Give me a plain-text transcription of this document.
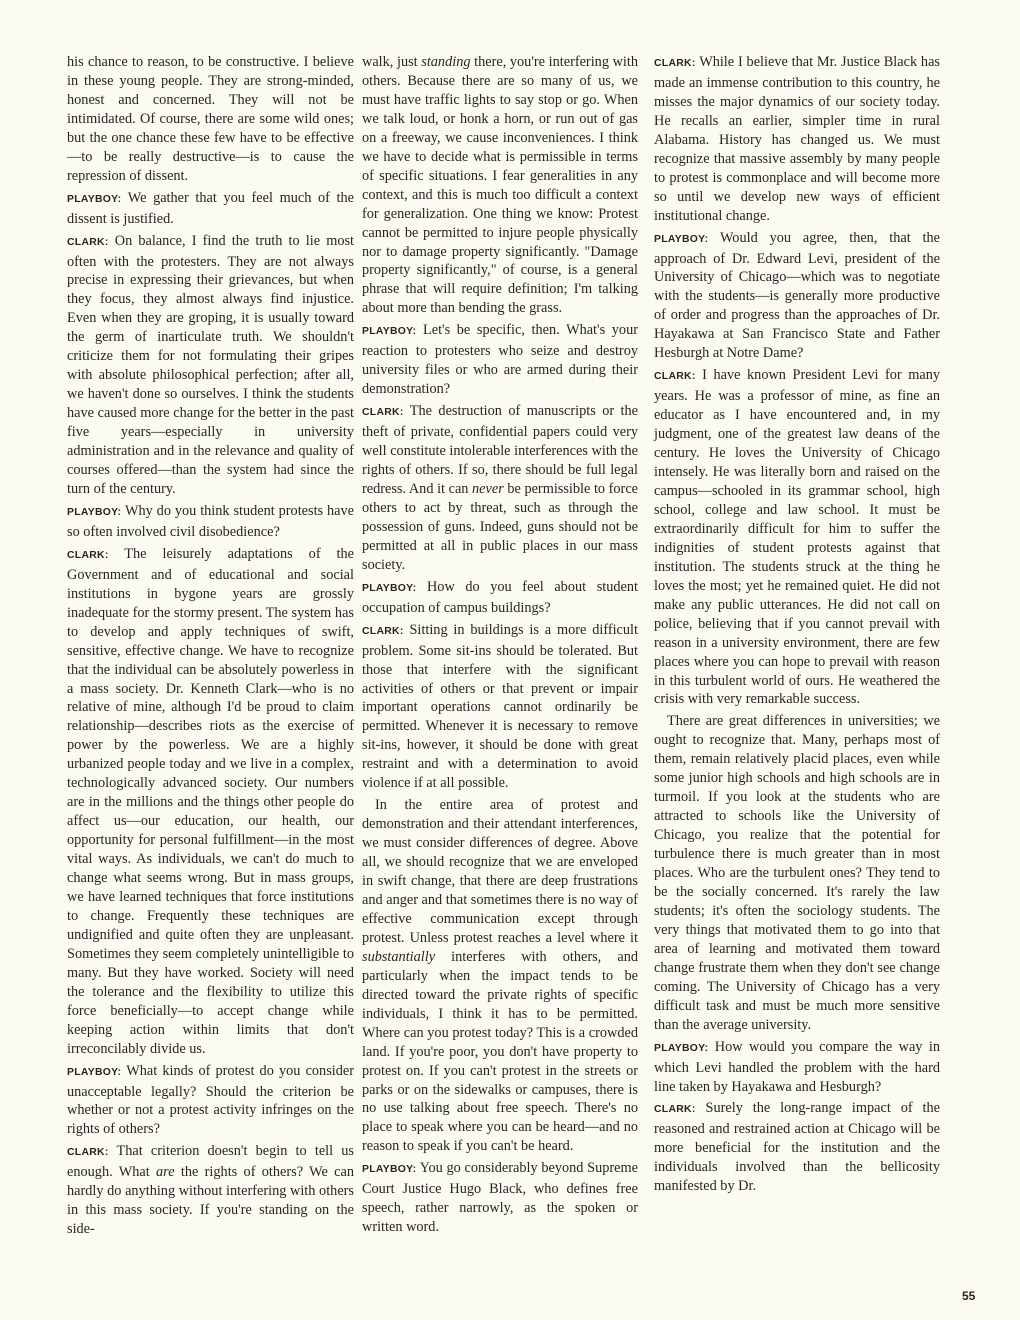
his chance to reason, to be constructive. I believe in these young people. They are strong-minded, honest and concerned. They will not be intimidated. Of course, there are some wild ones; but the one chance these few have to be effective —to be really destructive—is to cause the repression of dissent.

PLAYBOY: We gather that you feel much of the dissent is justified.

CLARK: On balance, I find the truth to lie most often with the protesters. They are not always precise in expressing their grievances, but when they focus, they almost always find injustice. Even when they are groping, it is usually toward the germ of inarticulate truth. We shouldn't criticize them for not formulating their gripes with absolute philosophical perfection; after all, we haven't done so ourselves. I think the students have caused more change for the better in the past five years—especially in university administration and in the relevance and quality of courses offered—than the system had since the turn of the century.

PLAYBOY: Why do you think student protests have so often involved civil disobedience?

CLARK: The leisurely adaptations of the Government and of educational and social institutions in bygone years are grossly inadequate for the stormy present. The system has to develop and apply techniques of swift, sensitive, effective change. We have to recognize that the individual can be absolutely powerless in a mass society. Dr. Kenneth Clark—who is no relative of mine, although I'd be proud to claim relationship—describes riots as the exercise of power by the powerless. We are a highly urbanized people today and we live in a complex, technologically advanced society. Our numbers are in the millions and the things other people do affect us—our education, our health, our opportunity for personal fulfillment—in the most vital ways. As individuals, we can't do much to change what seems wrong. But in mass groups, we have learned techniques that force institutions to change. Frequently these techniques are undignified and quite often they are unpleasant. Sometimes they seem completely unintelligible to many. But they have worked. Society will need the tolerance and the flexibility to utilize this force beneficially—to accept change while keeping action within limits that don't irreconcilably divide us.

PLAYBOY: What kinds of protest do you consider unacceptable legally? Should the criterion be whether or not a protest activity infringes on the rights of others?

CLARK: That criterion doesn't begin to tell us enough. What are the rights of others? We can hardly do anything without interfering with others in this mass society. If you're standing on the side-

walk, just standing there, you're interfering with others. Because there are so many of us, we must have traffic lights to say stop or go. When we talk loud, or honk a horn, or run out of gas on a freeway, we cause inconveniences. I think we have to decide what is permissible in terms of specific situations. I fear generalities in any context, and this is much too difficult a context for generalization. One thing we know: Protest cannot be permitted to injure people physically nor to damage property significantly. "Damage property significantly," of course, is a general phrase that will require definition; I'm talking about more than bending the grass.

PLAYBOY: Let's be specific, then. What's your reaction to protesters who seize and destroy university files or who are armed during their demonstration?

CLARK: The destruction of manuscripts or the theft of private, confidential papers could very well constitute intolerable interferences with the rights of others. If so, there should be full legal redress. And it can never be permissible to force others to act by threat, such as through the possession of guns. Indeed, guns should not be permitted at all in public places in our mass society.

PLAYBOY: How do you feel about student occupation of campus buildings?

CLARK: Sitting in buildings is a more difficult problem. Some sit-ins should be tolerated. But those that interfere with the significant activities of others or that prevent or impair important operations cannot ordinarily be permitted. Whenever it is necessary to remove sit-ins, however, it should be done with great restraint and with a determination to avoid violence if at all possible.

In the entire area of protest and demonstration and their attendant interferences, we must consider differences of degree. Above all, we should recognize that we are enveloped in swift change, that there are deep frustrations and anger and that sometimes there is no way of effective communication except through protest. Unless protest reaches a level where it substantially interferes with others, and particularly when the impact tends to be directed toward the private rights of specific individuals, I think it has to be permitted. Where can you protest today? This is a crowded land. If you're poor, you don't have property to protest on. If you can't protest in the streets or parks or on the sidewalks or campuses, there is no use talking about free speech. There's no place to speak where you can be heard—and no reason to speak if you can't be heard.

PLAYBOY: You go considerably beyond Supreme Court Justice Hugo Black, who defines free speech, rather narrowly, as the spoken or written word.

CLARK: While I believe that Mr. Justice Black has made an immense contribution to this country, he misses the major dynamics of our society today. He recalls an earlier, simpler time in rural Alabama. History has changed us. We must recognize that massive assembly by many people to protest is commonplace and will become more so until we develop new ways of efficient institutional change.

PLAYBOY: Would you agree, then, that the approach of Dr. Edward Levi, president of the University of Chicago—which was to negotiate with the students—is generally more productive of order and progress than the approaches of Dr. Hayakawa at San Francisco State and Father Hesburgh at Notre Dame?

CLARK: I have known President Levi for many years. He was a professor of mine, as fine an educator as I have encountered and, in my judgment, one of the greatest law deans of the century. He loves the University of Chicago intensely. He was literally born and raised on the campus—schooled in its grammar school, high school, college and law school. It must be extraordinarily difficult for him to suffer the indignities of student protests against that institution. The students struck at the thing he loves the most; yet he remained quiet. He did not make any public utterances. He did not call on police, believing that if you cannot prevail with reason in a university environment, there are few places where you can hope to prevail with reason in this turbulent world of ours. He weathered the crisis with very remarkable success.

There are great differences in universities; we ought to recognize that. Many, perhaps most of them, remain relatively placid places, even while some junior high schools and high schools are in turmoil. If you look at the students who are attracted to schools like the University of Chicago, you realize that the potential for turbulence there is much greater than in most places. Who are the turbulent ones? They tend to be the socially concerned. It's rarely the law students; it's often the sociology students. The very things that motivated them to go into that area of learning and motivated them toward change frustrate them when they don't see change coming. The University of Chicago has a very difficult task and must be much more sensitive than the average university.

PLAYBOY: How would you compare the way in which Levi handled the problem with the hard line taken by Hayakawa and Hesburgh?

CLARK: Surely the long-range impact of the reasoned and restrained action at Chicago will be more beneficial for the institution and the individuals involved than the bellicosity manifested by Dr.

55
